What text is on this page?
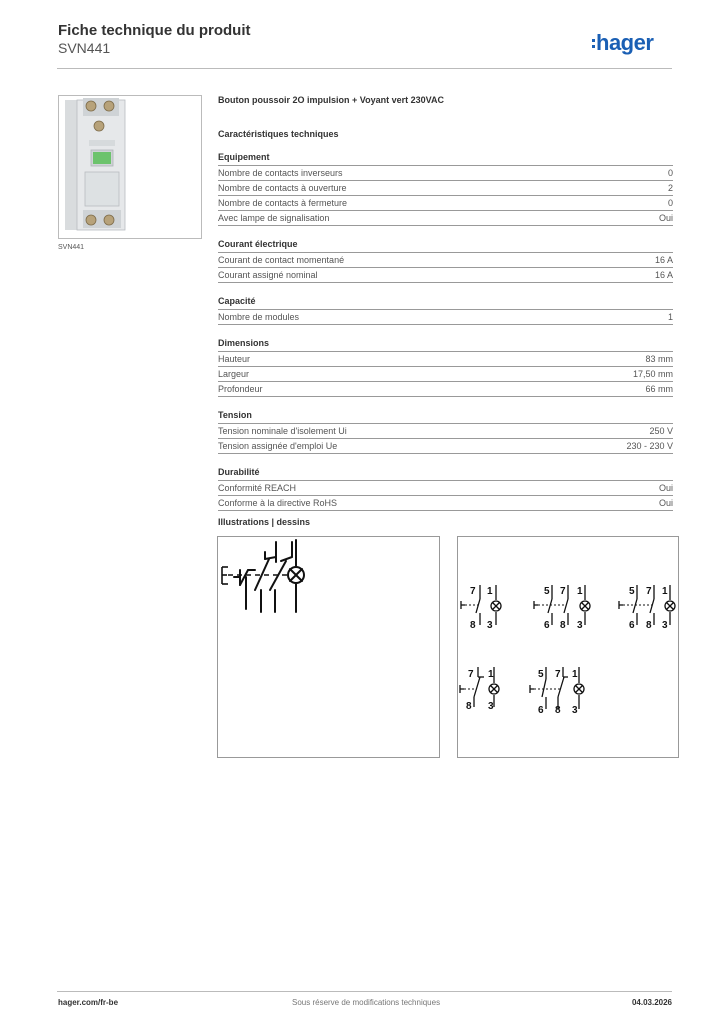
Fiche technique du produit
SVN441	hager
SVN441
Bouton poussoir 2O impulsion + Voyant vert 230VAC
Caractéristiques techniques
Equipement
Nombre de contacts inverseurs	0
Nombre de contacts à ouverture	2
Nombre de contacts à fermeture	0
Avec lampe de signalisation	Oui
Courant électrique
Courant de contact momentané	16 A
Courant assigné nominal	16 A
Capacité
Nombre de modules	1
Dimensions
Hauteur	83 mm
Largeur	17,50 mm
Profondeur	66 mm
Tension
Tension nominale d'isolement Ui	250 V
Tension assignée d'emploi Ue	230 - 230 V
Durabilité
Conformité REACH	Oui
Conforme à la directive RoHS	Oui
Illustrations | dessins
7 1
8 3
5 7 1
6 8 3
5 7 1
6 8 3
7 1
8 3
5 7 1
6 8 3
hager.com/fr-be	Sous réserve de modifications techniques	04.03.2026
